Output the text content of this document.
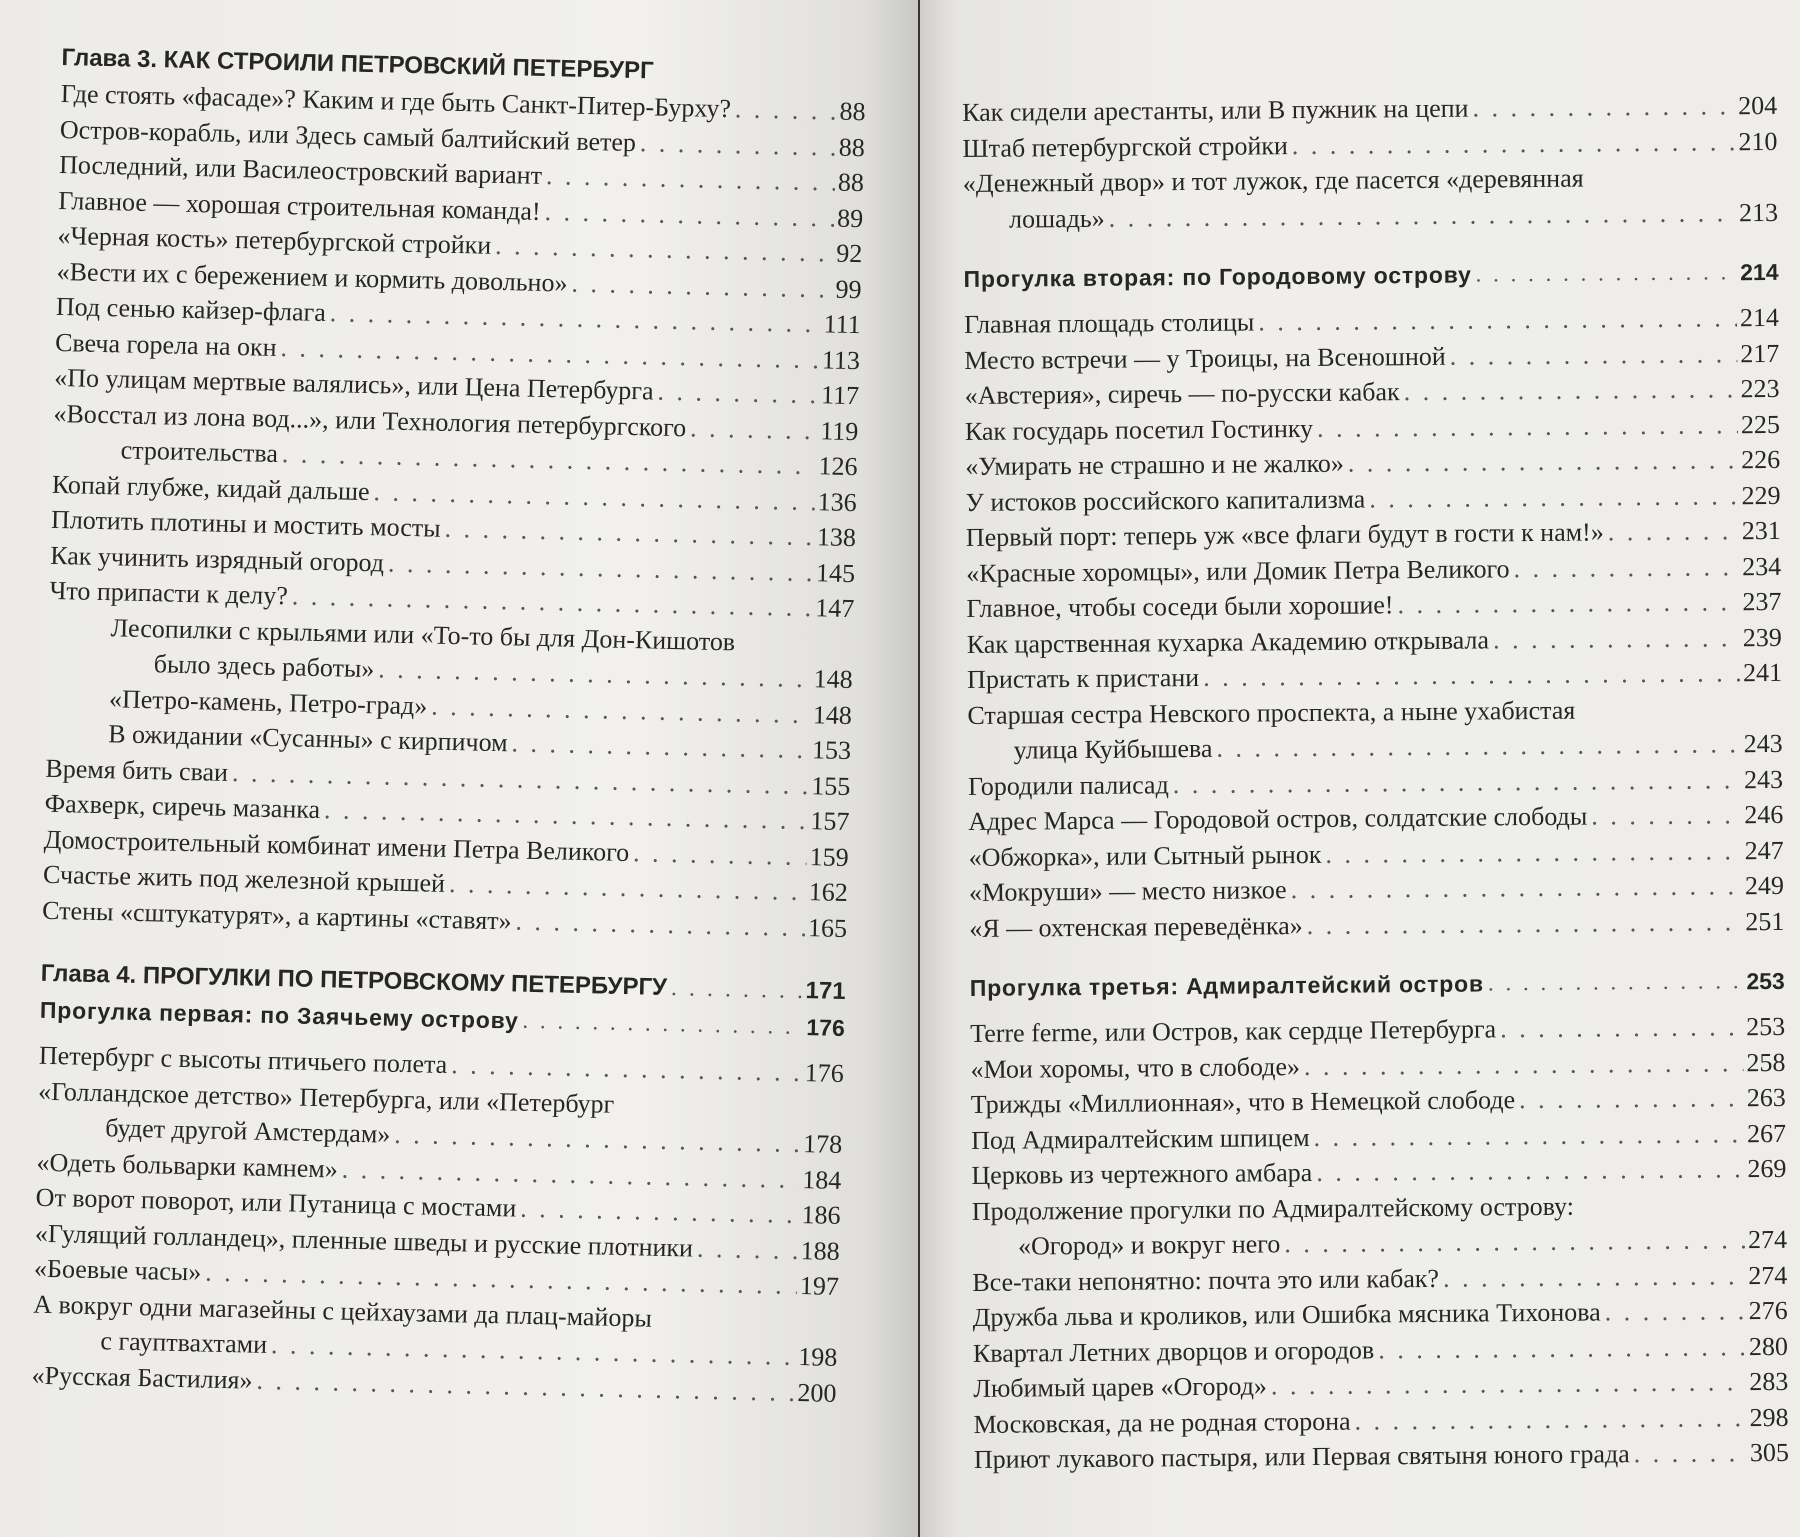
Глава 3. КАК СТРОИЛИ ПЕТРОВСКИЙ ПЕТЕРБУРГ
Где стоять «фасаде»? Каким и где быть Санкт-Питер-Бурху? . . .	88
Остров-корабль, или Здесь самый балтийский ветер . . .	88
Последний, или Василеостровский вариант . . .	88
Главное — хорошая строительная команда! . . .	89
«Черная кость» петербургской стройки . . .	92
«Вести их с бережением и кормить довольно» . . .	99
Под сенью кайзер-флага . . .	111
Свеча горела на окн . . .	113
«По улицам мертвые валялись», или Цена Петербурга . . .	117
«Восстал из лона вод...», или Технология петербургского . . .	119
строительства . . .	126
Копай глубже, кидай дальше . . .	136
Плотить плотины и мостить мосты . . .	138
Как учинить изрядный огород . . .	145
Что припасти к делу? . . .	147
Лесопилки с крыльями или «То-то бы для Дон-Кишотов
было здесь работы» . . .	148
«Петро-камень, Петро-град» . . .	148
В ожидании «Сусанны» с кирпичом . . .	153
Время бить сваи . . .	155
Фахверк, сиречь мазанка . . .	157
Домостроительный комбинат имени Петра Великого . . .	159
Счастье жить под железной крышей . . .	162
Стены «сштукатурят», а картины «ставят» . . .	165
Глава 4. ПРОГУЛКИ ПО ПЕТРОВСКОМУ ПЕТЕРБУРГУ . . .	171
Прогулка первая: по Заячьему острову . . .	176
Петербург с высоты птичьего полета . . .	176
«Голландское детство» Петербурга, или «Петербург
будет другой Амстердам» . . .	178
«Одеть больварки камнем» . . .	184
От ворот поворот, или Путаница с мостами . . .	186
«Гулящий голландец», пленные шведы и русские плотники . . .	188
«Боевые часы» . . .	197
А вокруг одни магазейны с цейхаузами да плац-майоры
с гауптвахтами . . .	198
«Русская Бастилия» . . .	200
Как сидели арестанты, или В пужник на цепи . . .	204
Штаб петербургской стройки . . .	210
«Денежный двор» и тот лужок, где пасется «деревянная
лошадь» . . .	213
Прогулка вторая: по Городовому острову . . .	214
Главная площадь столицы . . .	214
Место встречи — у Троицы, на Всеношной . . .	217
«Австерия», сиречь — по-русски кабак . . .	223
Как государь посетил Гостинку . . .	225
«Умирать не страшно и не жалко» . . .	226
У истоков российского капитализма . . .	229
Первый порт: теперь уж «все флаги будут в гости к нам!» . . .	231
«Красные хоромцы», или Домик Петра Великого . . .	234
Главное, чтобы соседи были хорошие! . . .	237
Как царственная кухарка Академию открывала . . .	239
Пристать к пристани . . .	241
Старшая сестра Невского проспекта, а ныне ухабистая
улица Куйбышева . . .	243
Городили палисад . . .	243
Адрес Марса — Городовой остров, солдатские слободы . . .	246
«Обжорка», или Сытный рынок . . .	247
«Мокруши» — место низкое . . .	249
«Я — охтенская переведёнка» . . .	251
Прогулка третья: Адмиралтейский остров . . .	253
Terre ferme, или Остров, как сердце Петербурга . . .	253
«Мои хоромы, что в слободе» . . .	258
Трижды «Миллионная», что в Немецкой слободе . . .	263
Под Адмиралтейским шпицем . . .	267
Церковь из чертежного амбара . . .	269
Продолжение прогулки по Адмиралтейскому острову:
«Огород» и вокруг него . . .	274
Все-таки непонятно: почта это или кабак? . . .	274
Дружба льва и кроликов, или Ошибка мясника Тихонова . . .	276
Квартал Летних дворцов и огородов . . .	280
Любимый царев «Огород» . . .	283
Московская, да не родная сторона . . .	298
Приют лукавого пастыря, или Первая святыня юного града . . .	305
